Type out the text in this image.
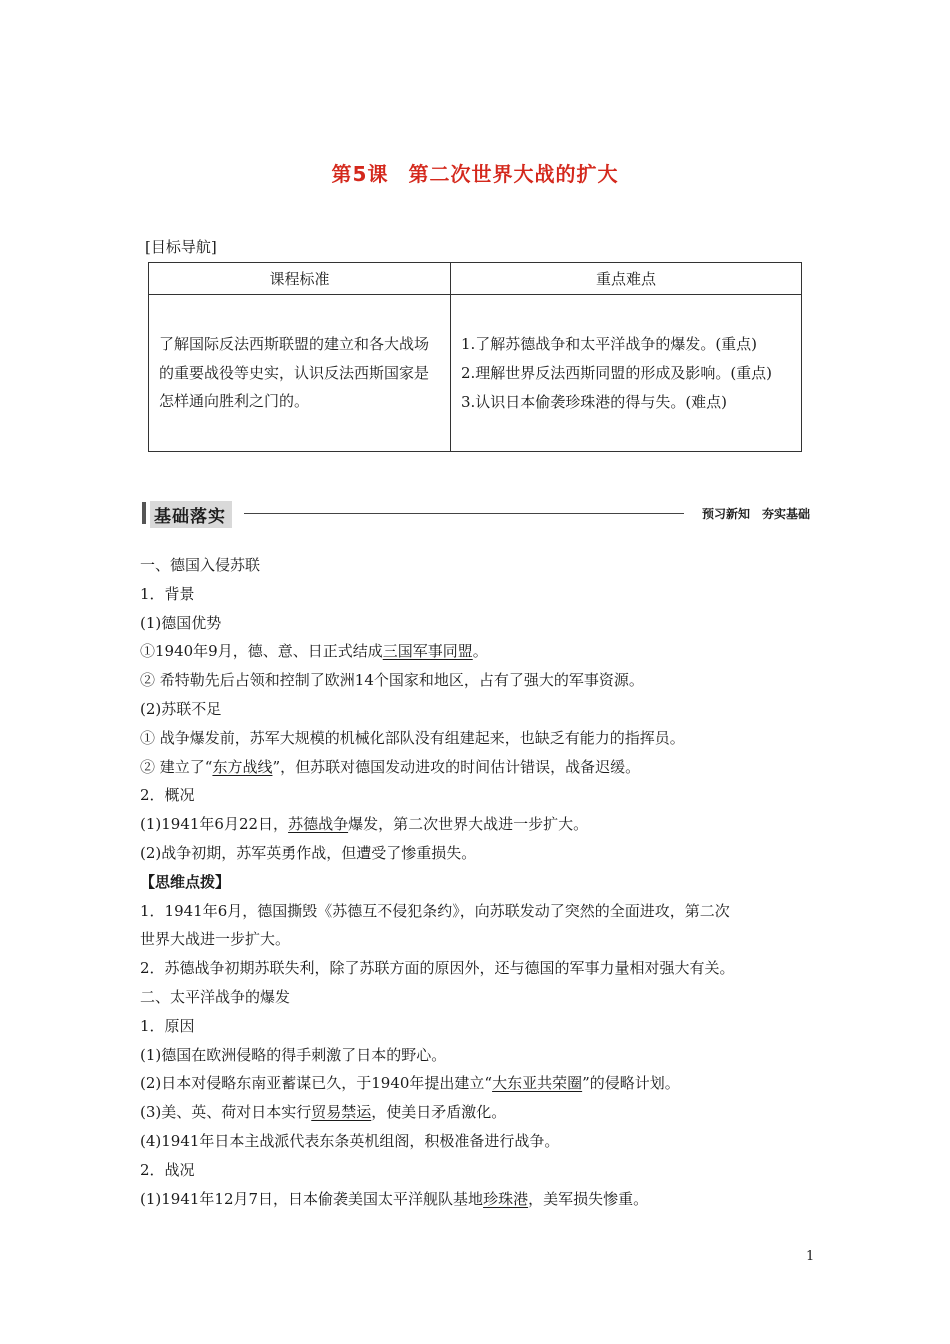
第5课 第二次世界大战的扩大
[目标导航]
课程标准	重点难点
了解国际反法西斯联盟的建立和各大战场的重要战役等史实，认识反法西斯国家是怎样通向胜利之门的。	1.了解苏德战争和太平洋战争的爆发。(重点)
2.理解世界反法西斯同盟的形成及影响。(重点)
3.认识日本偷袭珍珠港的得与失。(难点)
基础落实	预习新知　夯实基础

一、德国入侵苏联

1．背景

(1)德国优势

①1940年9月，德、意、日正式结成三国军事同盟。

② 希特勒先后占领和控制了欧洲14个国家和地区，占有了强大的军事资源。

(2)苏联不足

① 战争爆发前，苏军大规模的机械化部队没有组建起来，也缺乏有能力的指挥员。

② 建立了“东方战线”，但苏联对德国发动进攻的时间估计错误，战备迟缓。

2．概况

(1)1941年6月22日，苏德战争爆发，第二次世界大战进一步扩大。

(2)战争初期，苏军英勇作战，但遭受了惨重损失。

【思维点拨】

1．1941年6月，德国撕毁《苏德互不侵犯条约》，向苏联发动了突然的全面进攻，第二次

世界大战进一步扩大。

2．苏德战争初期苏联失利，除了苏联方面的原因外，还与德国的军事力量相对强大有关。

二、太平洋战争的爆发

1．原因

(1)德国在欧洲侵略的得手刺激了日本的野心。

(2)日本对侵略东南亚蓄谋已久，于1940年提出建立“大东亚共荣圈”的侵略计划。

(3)美、英、荷对日本实行贸易禁运，使美日矛盾激化。

(4)1941年日本主战派代表东条英机组阁，积极准备进行战争。

2．战况

(1)1941年12月7日，日本偷袭美国太平洋舰队基地珍珠港，美军损失惨重。

1
